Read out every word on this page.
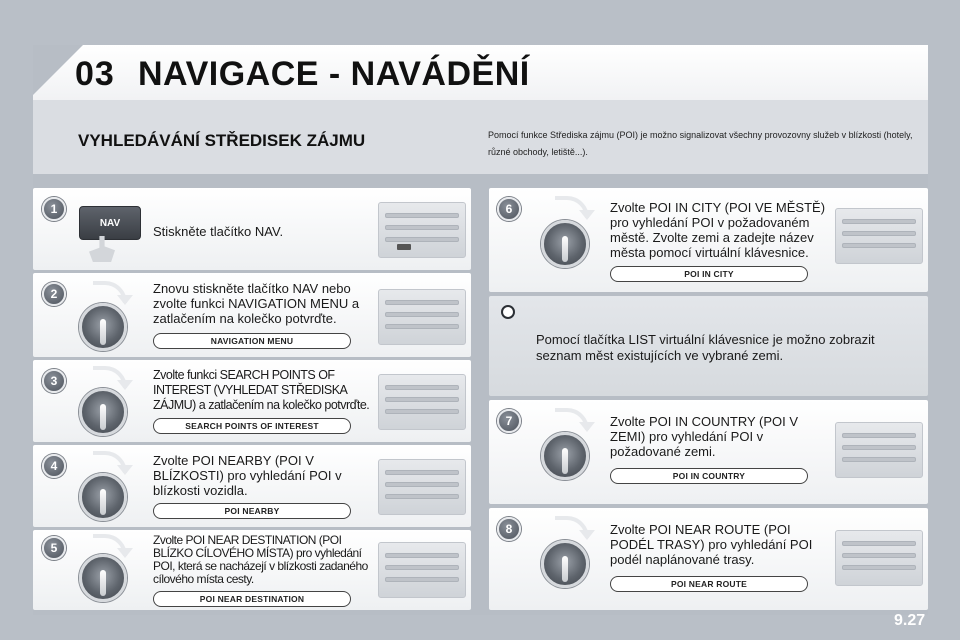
03 NAVIGACE - NAVÁDĚNÍ
VYHLEDÁVÁNÍ STŘEDISEK ZÁJMU	Pomocí funkce Střediska zájmu (POI) je možno signalizovat všechny provozovny služeb v blízkosti (hotely, různé obchody, letiště...).
1
NAV
Stiskněte tlačítko NAV.
2	Znovu stiskněte tlačítko NAV nebo zvolte funkci NAVIGATION MENU a zatlačením na kolečko potvrďte.
NAVIGATION MENU
3	Zvolte funkci SEARCH POINTS OF INTEREST (VYHLEDAT STŘEDISKA ZÁJMU) a zatlačením na kolečko potvrďte.
SEARCH POINTS OF INTEREST
4	Zvolte POI NEARBY (POI V BLÍZKOSTI) pro vyhledání POI v blízkosti vozidla.
POI NEARBY
5
Zvolte POI NEAR DESTINATION (POI BLÍZKO CÍLOVÉHO MÍSTA) pro vyhledání POI, která se nacházejí v blízkosti zadaného cílového místa cesty.
POI NEAR DESTINATION
6	Zvolte POI IN CITY (POI VE MĚSTĚ) pro vyhledání POI v požadovaném městě. Zvolte zemi a zadejte název města pomocí virtuální klávesnice.
POI IN CITY
Pomocí tlačítka LIST virtuální klávesnice je možno zobrazit seznam měst existujících ve vybrané zemi.
7	Zvolte POI IN COUNTRY (POI V ZEMI) pro vyhledání POI v požadované zemi.
POI IN COUNTRY
8	Zvolte POI NEAR ROUTE (POI PODÉL TRASY) pro vyhledání POI podél naplánované trasy.
POI NEAR ROUTE
9.27
